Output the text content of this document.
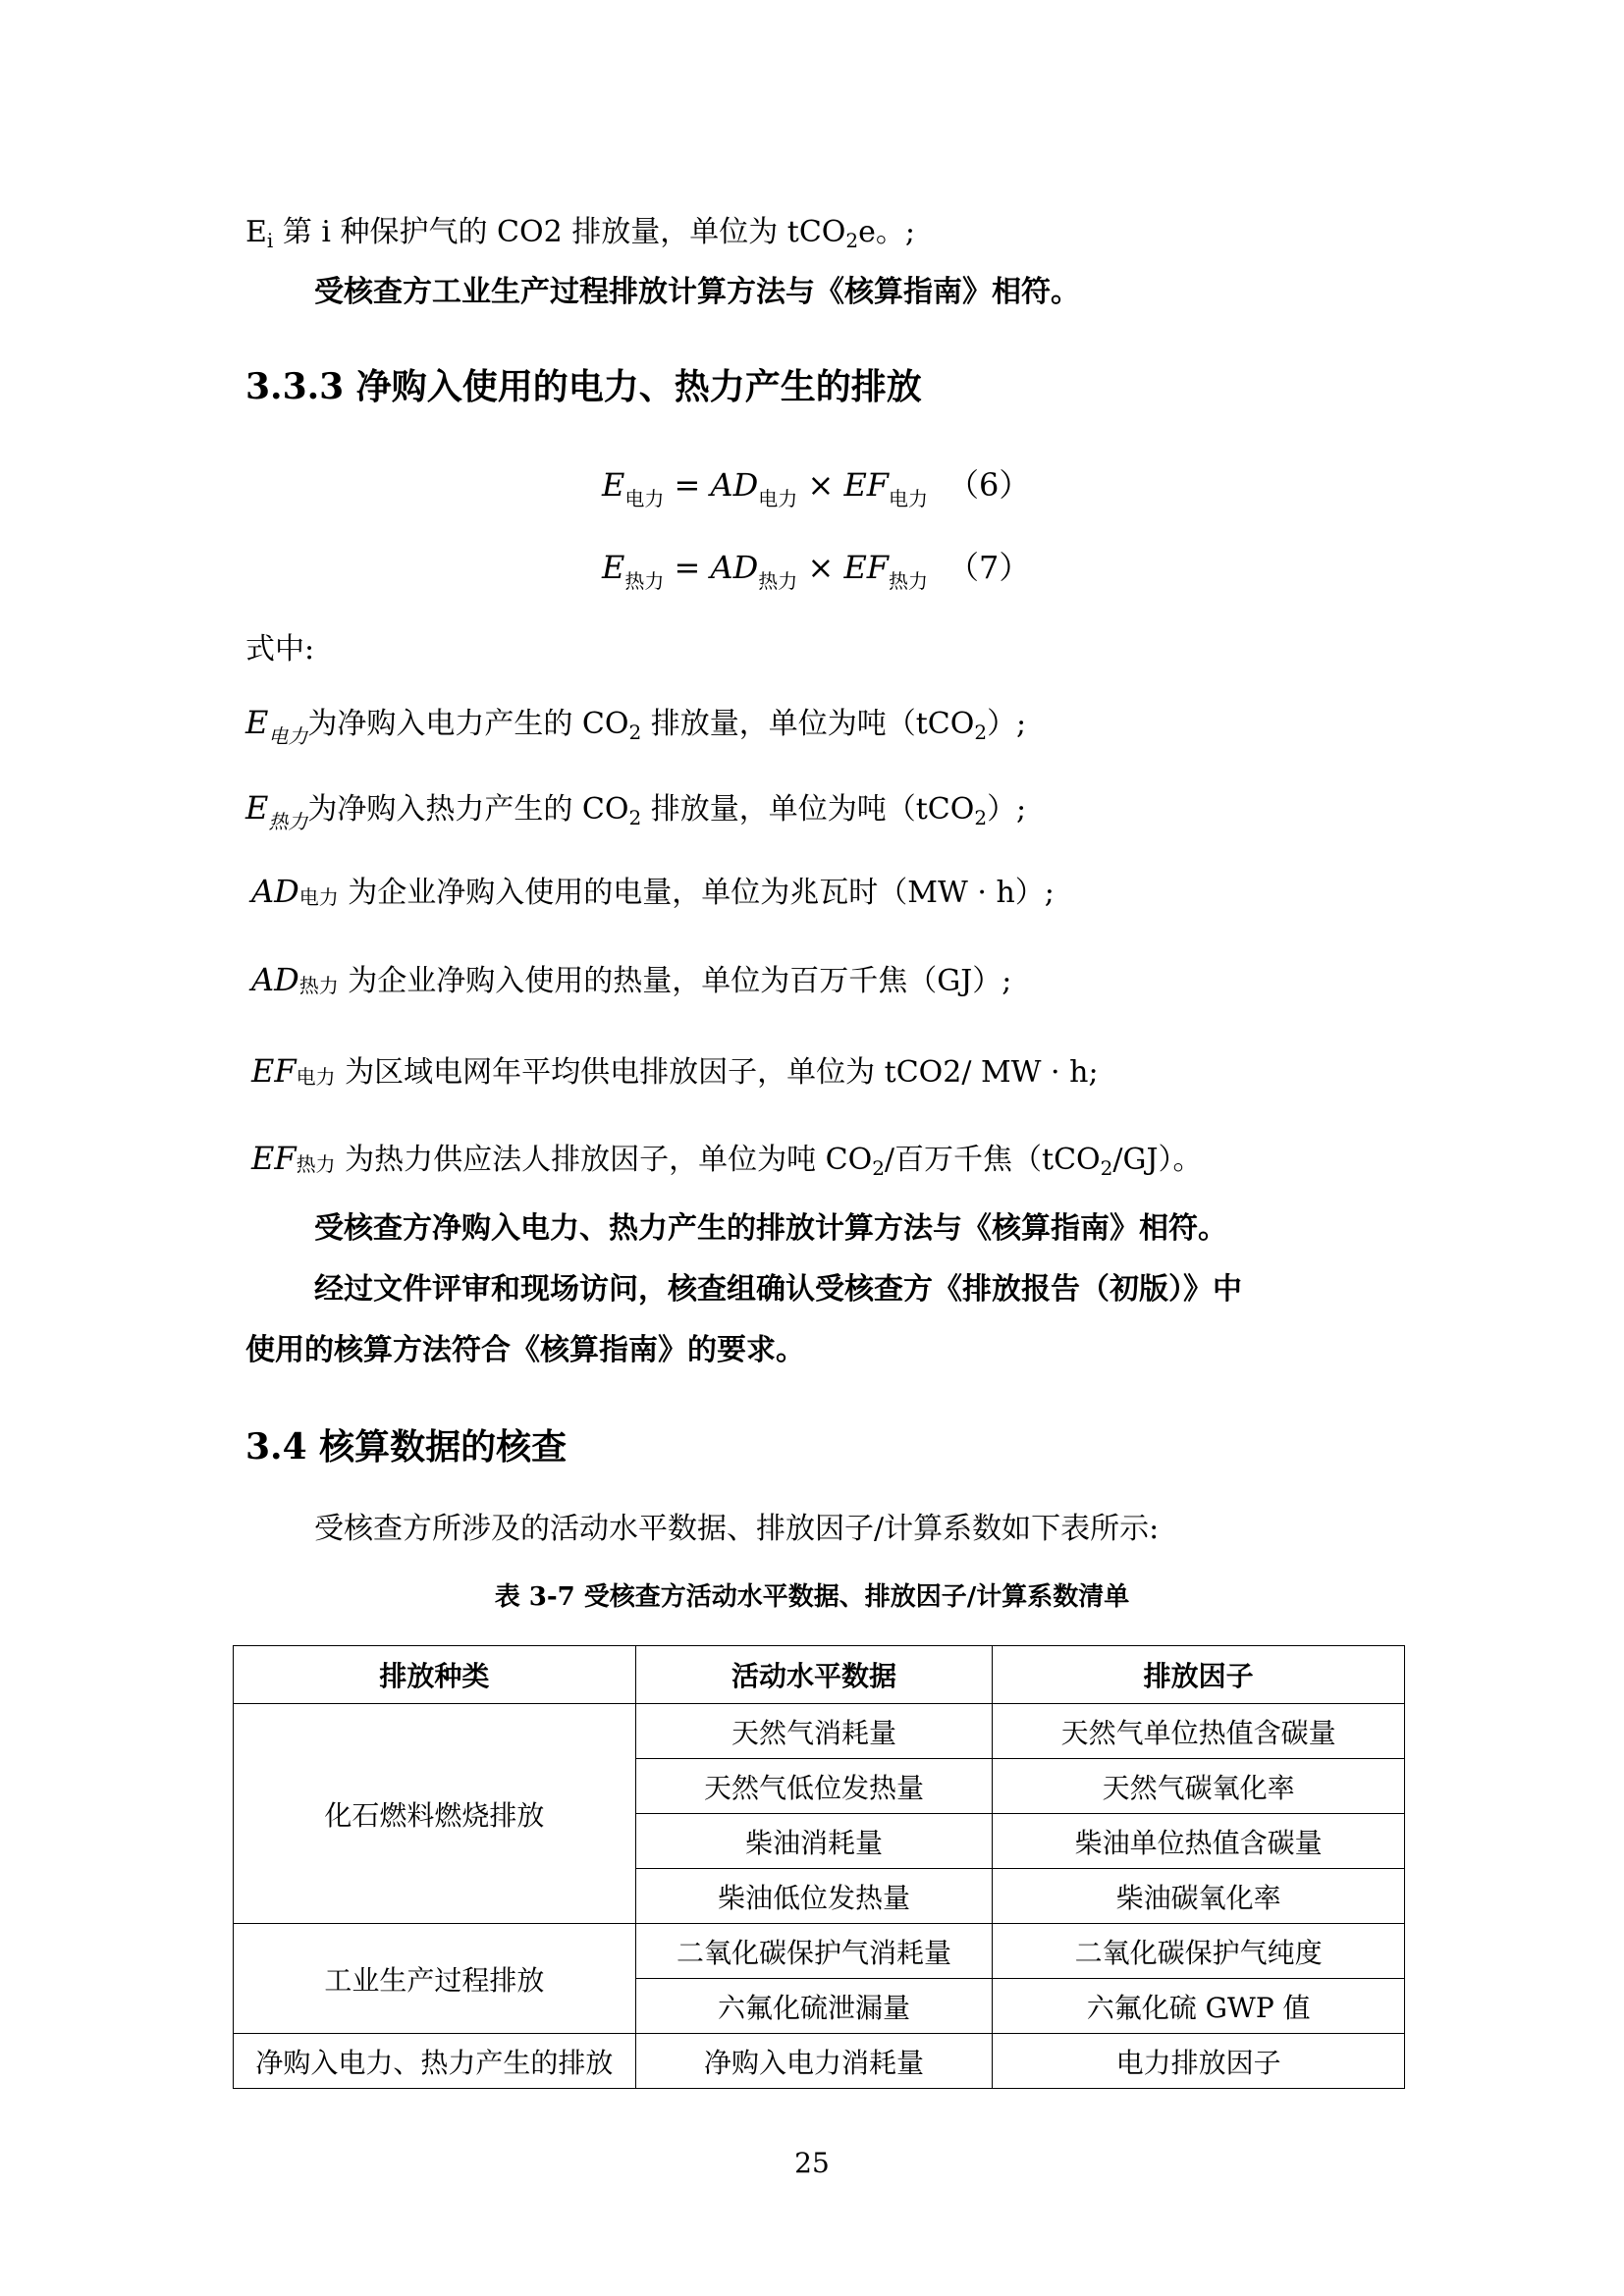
$E_i$ 第 i 种保护气的 CO2 排放量，单位为 tCO$_2$e。;
受核查方工业生产过程排放计算方法与《核算指南》相符。
3.3.3 净购入使用的电力、热力产生的排放
$E_{电力} = AD_{电力} \times EF_{电力}$ （6）
$E_{热力} = AD_{热力} \times EF_{热力}$ （7）
式中:
$E_{电力}$为净购入电力产生的 $CO_2$ 排放量，单位为吨（tCO$_2$）;
$E_{热力}$为净购入热力产生的 $CO_2$ 排放量，单位为吨（tCO$_2$）;
AD电力 为企业净购入使用的电量，单位为兆瓦时（MW · h）;
AD热力 为企业净购入使用的热量，单位为百万千焦（GJ）;
EF电力 为区域电网年平均供电排放因子，单位为 tCO2/ MW · h;
EF热力 为热力供应法人排放因子，单位为吨 $CO_2/$百万千焦（tCO$_2$/GJ）。
受核查方净购入电力、热力产生的排放计算方法与《核算指南》相符。
经过文件评审和现场访问，核查组确认受核查方《排放报告（初版）》中
使用的核算方法符合《核算指南》的要求。
3.4 核算数据的核查
受核查方所涉及的活动水平数据、排放因子/计算系数如下表所示:
表 3-7 受核查方活动水平数据、排放因子/计算系数清单
排放种类	活动水平数据	排放因子
化石燃料燃烧排放	天然气消耗量	天然气单位热值含碳量
	天然气低位发热量	天然气碳氧化率
	柴油消耗量	柴油单位热值含碳量
	柴油低位发热量	柴油碳氧化率
工业生产过程排放	二氧化碳保护气消耗量	二氧化碳保护气纯度
	六氟化硫泄漏量	六氟化硫 GWP 值
净购入电力、热力产生的排放	净购入电力消耗量	电力排放因子
25
